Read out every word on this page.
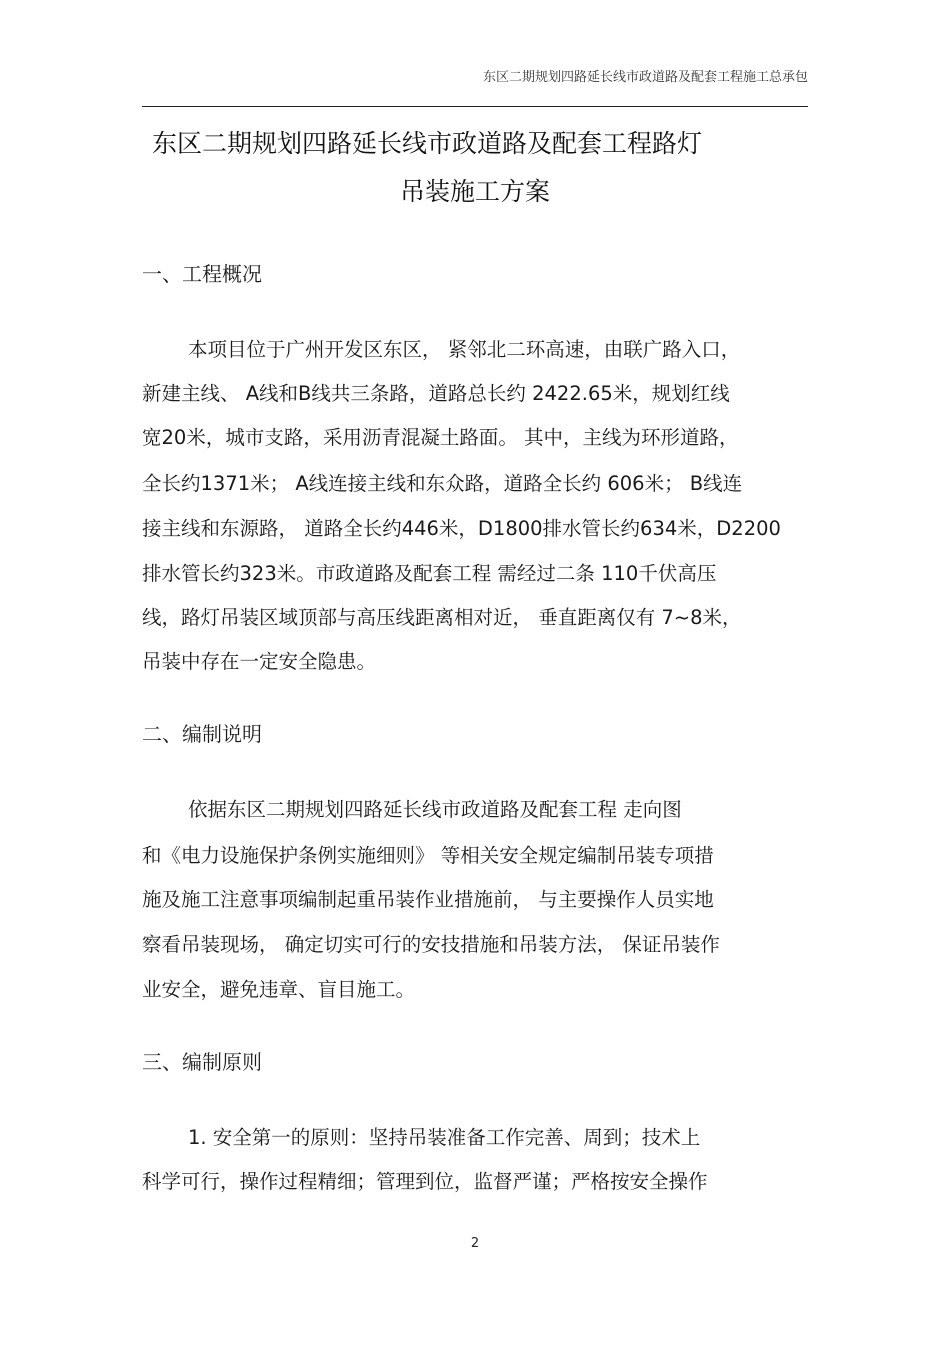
东区二期规划四路延长线市政道路及配套工程施工总承包
东区二期规划四路延长线市政道路及配套工程路灯
吊装施工方案
一、工程概况
本项目位于广州开发区东区， 紧邻北二环高速，由联广路入口，
新建主线、 A线和B线共三条路，道路总长约 2422.65米，规划红线
宽20米，城市支路，采用沥青混凝土路面。 其中，主线为环形道路，
全长约1371米； A线连接主线和东众路，道路全长约 606米； B线连
接主线和东源路， 道路全长约446米，D1800排水管长约634米，D2200
排水管长约323米。市政道路及配套工程 需经过二条 110千伏高压
线，路灯吊装区域顶部与高压线距离相对近， 垂直距离仅有 7~8米，
吊装中存在一定安全隐患。
二、编制说明
依据东区二期规划四路延长线市政道路及配套工程 走向图
和《电力设施保护条例实施细则》 等相关安全规定编制吊装专项措
施及施工注意事项编制起重吊装作业措施前， 与主要操作人员实地
察看吊装现场， 确定切实可行的安技措施和吊装方法， 保证吊装作
业安全，避免违章、盲目施工。
三、编制原则
1. 安全第一的原则：坚持吊装准备工作完善、周到；技术上
科学可行，操作过程精细；管理到位，监督严谨；严格按安全操作
2
